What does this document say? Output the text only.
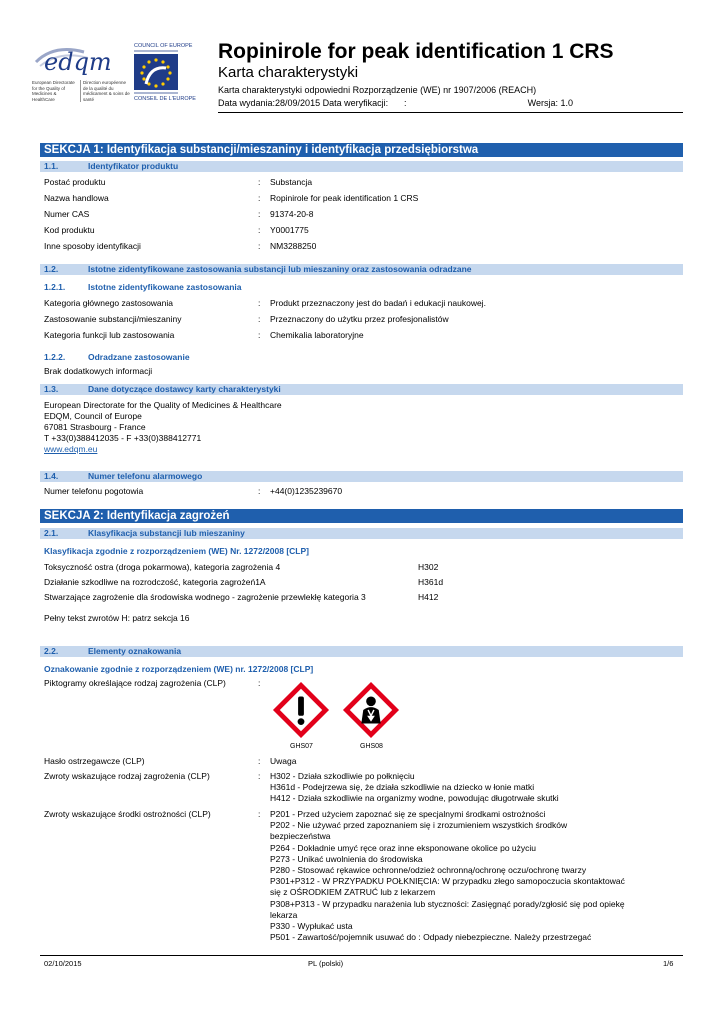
edqm
European Directorate for the Quality of Medicines & HealthCare
Direction européenne de la qualité du médicament & soins de santé
COUNCIL OF EUROPE
CONSEIL DE L'EUROPE
Ropinirole for peak identification 1 CRS
Karta charakterystyki
Karta charakterystyki odpowiedni Rozporządzenie (WE) nr 1907/2006 (REACH)
Data wydania:28/09/2015 Data weryfikacji: :	Wersja: 1.0
SEKCJA 1: Identyfikacja substancji/mieszaniny i identyfikacja przedsiębiorstwa
1.1.	Identyfikator produktu
Postać produktu	: Substancja
Nazwa handlowa	: Ropinirole for peak identification 1 CRS
Numer CAS	: 91374-20-8
Kod produktu	: Y0001775
Inne sposoby identyfikacji	: NM3288250
1.2.	Istotne zidentyfikowane zastosowania substancji lub mieszaniny oraz zastosowania odradzane
1.2.1.	Istotne zidentyfikowane zastosowania
Kategoria głównego zastosowania	: Produkt przeznaczony jest do badań i edukacji naukowej.
Zastosowanie substancji/mieszaniny	: Przeznaczony do użytku przez profesjonalistów
Kategoria funkcji lub zastosowania	: Chemikalia laboratoryjne
1.2.2.	Odradzane zastosowanie
Brak dodatkowych informacji
1.3.	Dane dotyczące dostawcy karty charakterystyki
European Directorate for the Quality of Medicines & Healthcare
EDQM, Council of Europe
67081 Strasbourg - France
T +33(0)388412035 - F +33(0)388412771
www.edqm.eu
1.4.	Numer telefonu alarmowego
Numer telefonu pogotowia	: +44(0)1235239670
SEKCJA 2: Identyfikacja zagrożeń
2.1.	Klasyfikacja substancji lub mieszaniny
Klasyfikacja zgodnie z rozporządzeniem (WE) Nr. 1272/2008 [CLP]
Toksyczność ostra (droga pokarmowa), kategoria zagrożenia 4	H302
Działanie szkodliwe na rozrodczość, kategoria zagrożeń1A	H361d
Stwarzające zagrożenie dla środowiska wodnego - zagrożenie przewlekłę kategoria 3	H412
Pełny tekst zwrotów H: patrz sekcja 16
2.2.	Elementy oznakowania
Oznakowanie zgodnie z rozporządzeniem (WE) nr. 1272/2008 [CLP]
Piktogramy określające rodzaj zagrożenia (CLP)	:
GHS07	GHS08
Hasło ostrzegawcze (CLP)	: Uwaga
Zwroty wskazujące rodzaj zagrożenia (CLP)	: H302 - Działa szkodliwie po połknięciu
H361d - Podejrzewa się, że działa szkodliwie na dziecko w łonie matki
H412 - Działa szkodliwie na organizmy wodne, powodując długotrwałe skutki
Zwroty wskazujące środki ostrożności (CLP)	: P201 - Przed użyciem zapoznać się ze specjalnymi środkami ostrożności
P202 - Nie używać przed zapoznaniem się i zrozumieniem wszystkich środków
bezpieczeństwa
P264 - Dokładnie umyć ręce oraz inne eksponowane okolice po użyciu
P273 - Unikać uwolnienia do środowiska
P280 - Stosować rękawice ochronne/odzież ochronną/ochronę oczu/ochronę twarzy
P301+P312 - W PRZYPADKU POŁKNIĘCIA: W przypadku złego samopoczucia skontaktować
się z OŚRODKIEM ZATRUĆ lub z lekarzem
P308+P313 - W przypadku narażenia lub styczności: Zasięgnąć porady/zgłosić się pod opiekę
lekarza
P330 - Wypłukać usta
P501 - Zawartość/pojemnik usuwać do : Odpady niebezpieczne. Należy przestrzegać
02/10/2015	PL (polski)	1/6
